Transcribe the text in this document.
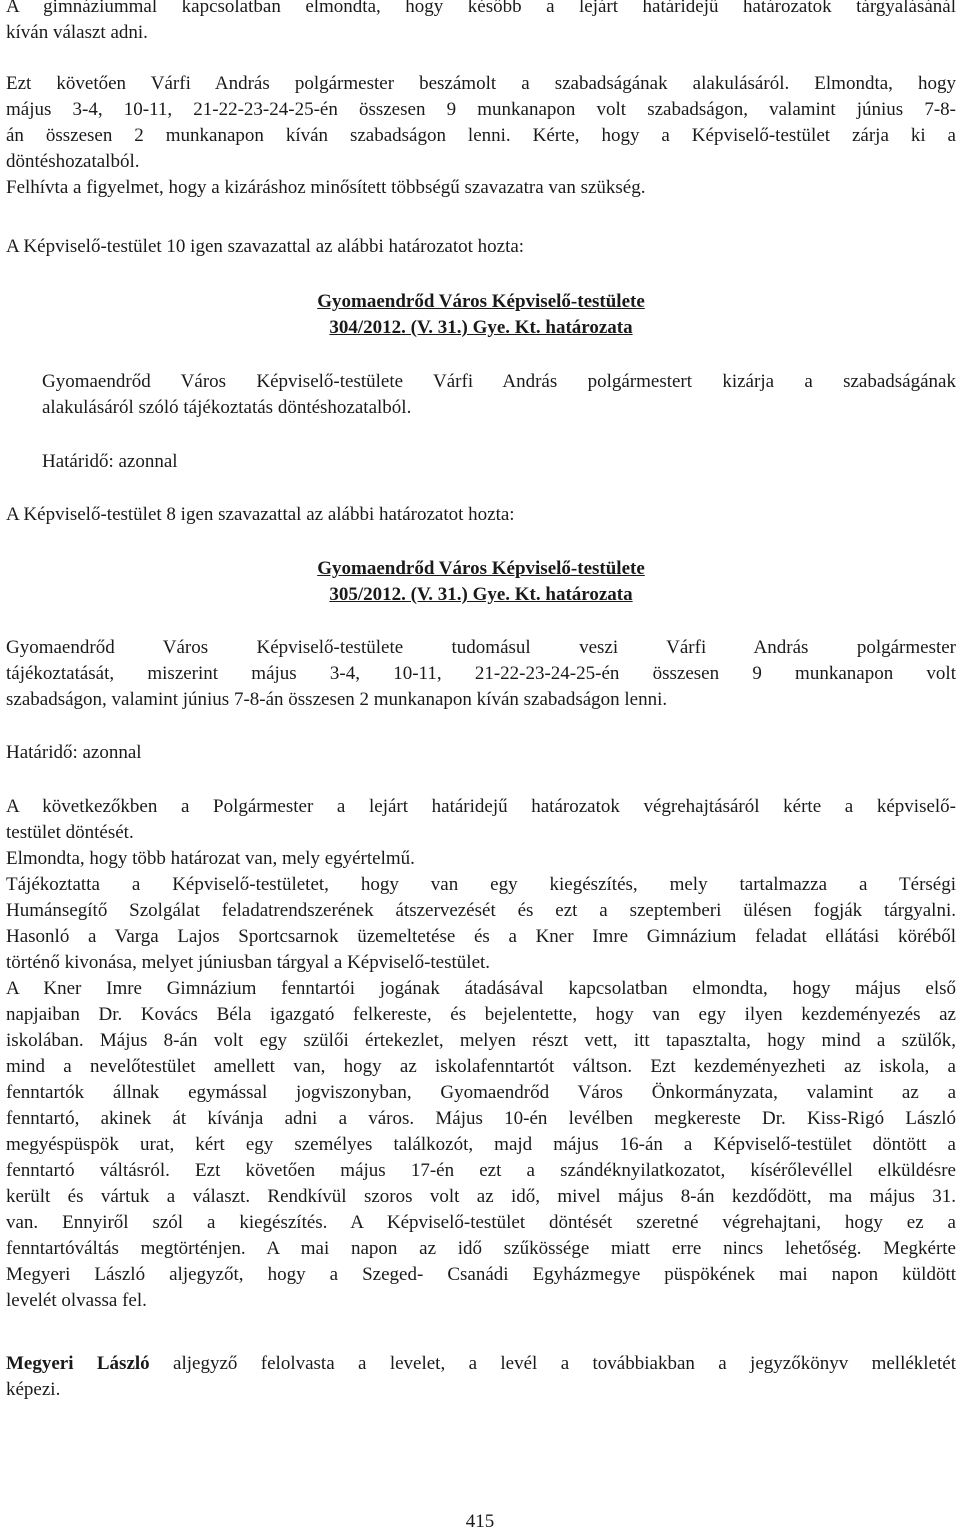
A gimnáziummal kapcsolatban elmondta, hogy később a lejárt határidejű határozatok tárgyalásánál
kíván választ adni.
Ezt követően Várfi András polgármester beszámolt a szabadságának alakulásáról. Elmondta, hogy
május 3-4, 10-11, 21-22-23-24-25-én összesen 9 munkanapon volt szabadságon, valamint június 7-8-
án összesen 2 munkanapon kíván szabadságon lenni. Kérte, hogy a Képviselő-testület zárja ki a
döntéshozatalból.
Felhívta a figyelmet, hogy a kizáráshoz minősített többségű szavazatra van szükség.
A Képviselő-testület 10 igen szavazattal az alábbi határozatot hozta:
Gyomaendrőd Város Képviselő-testülete
304/2012. (V. 31.) Gye. Kt. határozata
Gyomaendrőd Város Képviselő-testülete Várfi András polgármestert kizárja a szabadságának
alakulásáról szóló tájékoztatás döntéshozatalból.
Határidő: azonnal
A Képviselő-testület 8 igen szavazattal az alábbi határozatot hozta:
Gyomaendrőd Város Képviselő-testülete
305/2012. (V. 31.) Gye. Kt. határozata
Gyomaendrőd Város Képviselő-testülete tudomásul veszi Várfi András polgármester
tájékoztatását, miszerint május 3-4, 10-11, 21-22-23-24-25-én összesen 9 munkanapon volt
szabadságon, valamint június 7-8-án összesen 2 munkanapon kíván szabadságon lenni.
Határidő: azonnal
A következőkben a Polgármester a lejárt határidejű határozatok végrehajtásáról kérte a képviselő-
testület döntését.
Elmondta, hogy több határozat van, mely egyértelmű.
Tájékoztatta a Képviselő-testületet, hogy van egy kiegészítés, mely tartalmazza a Térségi
Humánsegítő Szolgálat feladatrendszerének átszervezését és ezt a szeptemberi ülésen fogják tárgyalni.
Hasonló a Varga Lajos Sportcsarnok üzemeltetése és a Kner Imre Gimnázium feladat ellátási köréből
történő kivonása, melyet júniusban tárgyal a Képviselő-testület.
A Kner Imre Gimnázium fenntartói jogának átadásával kapcsolatban elmondta, hogy május első
napjaiban Dr. Kovács Béla igazgató felkereste, és bejelentette, hogy van egy ilyen kezdeményezés az
iskolában. Május 8-án volt egy szülői értekezlet, melyen részt vett, itt tapasztalta, hogy mind a szülők,
mind a nevelőtestület amellett van, hogy az iskolafenntartót váltson. Ezt kezdeményezheti az iskola, a
fenntartók állnak egymással jogviszonyban, Gyomaendrőd Város Önkormányzata, valamint az a
fenntartó, akinek át kívánja adni a város. Május 10-én levélben megkereste Dr. Kiss-Rigó László
megyéspüspök urat, kért egy személyes találkozót, majd május 16-án a Képviselő-testület döntött a
fenntartó váltásról. Ezt követően május 17-én ezt a szándéknyilatkozatot, kísérőlevéllel elküldésre
került és vártuk a választ. Rendkívül szoros volt az idő, mivel május 8-án kezdődött, ma május 31.
van. Ennyiről szól a kiegészítés. A Képviselő-testület döntését szeretné végrehajtani, hogy ez a
fenntartóváltás megtörténjen. A mai napon az idő szűkössége miatt erre nincs lehetőség. Megkérte
Megyeri László aljegyzőt, hogy a Szeged- Csanádi Egyházmegye püspökének mai napon küldött
levelét olvassa fel.
Megyeri László aljegyző felolvasta a levelet, a levél a továbbiakban a jegyzőkönyv mellékletét
képezi.
415
